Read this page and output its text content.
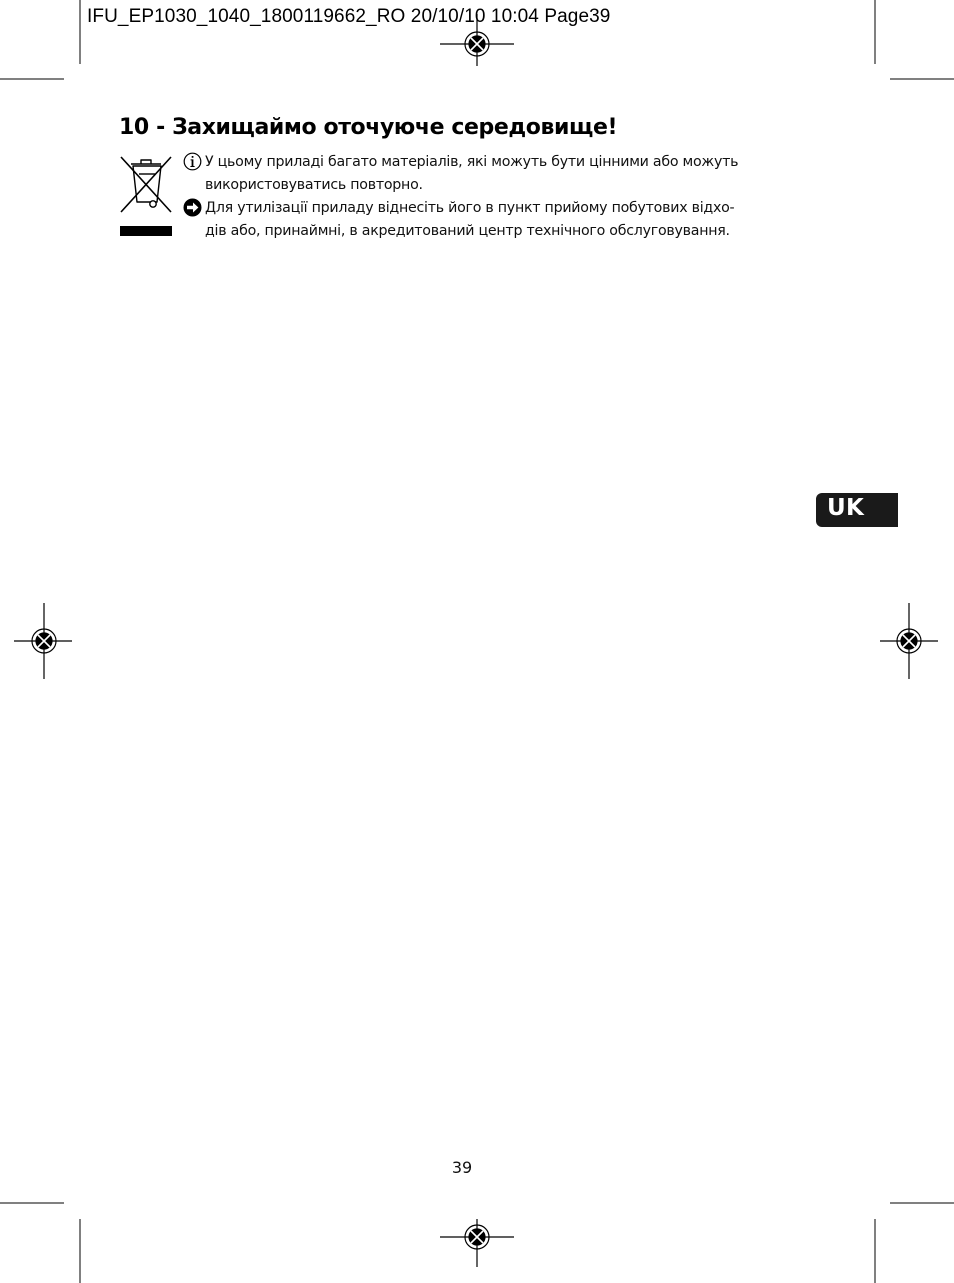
IFU_EP1030_1040_1800119662_RO 20/10/10 10:04 Page39
10 - Захищаймо оточуюче середовище!

У цьому приладі багато матеріалів, які можуть бути цінними або можуть
використовуватись повторно.

Для утилізації приладу віднесіть його в пункт прийому побутових відхо-
дів або, принаймні, в акредитований центр технічного обслуговування.

UK
39
